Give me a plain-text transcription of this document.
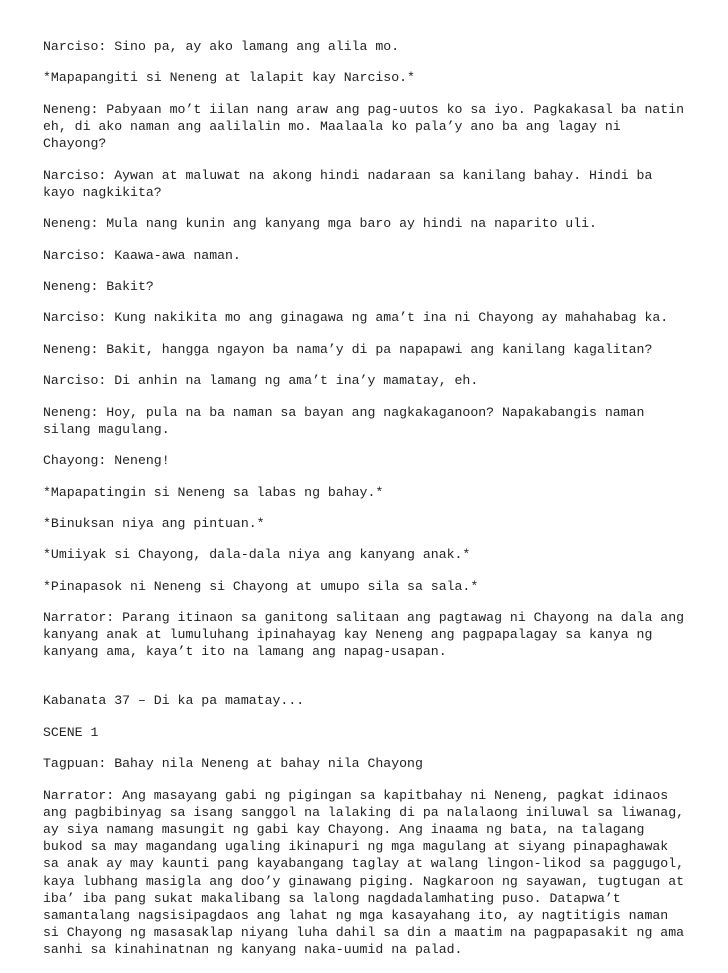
Narciso: Sino pa, ay ako lamang ang alila mo.
*Mapapangiti si Neneng at lalapit kay Narciso.*
Neneng: Pabyaan mo’t iilan nang araw ang pag-uutos ko sa iyo. Pagkakasal ba natin
eh, di ako naman ang aalilalin mo. Maalaala ko pala’y ano ba ang lagay ni
Chayong?
Narciso: Aywan at maluwat na akong hindi nadaraan sa kanilang bahay. Hindi ba
kayo nagkikita?
Neneng: Mula nang kunin ang kanyang mga baro ay hindi na naparito uli.
Narciso: Kaawa-awa naman.
Neneng: Bakit?
Narciso: Kung nakikita mo ang ginagawa ng ama’t ina ni Chayong ay mahahabag ka.
Neneng: Bakit, hangga ngayon ba nama’y di pa napapawi ang kanilang kagalitan?
Narciso: Di anhin na lamang ng ama’t ina’y mamatay, eh.
Neneng: Hoy, pula na ba naman sa bayan ang nagkakaganoon? Napakabangis naman
silang magulang.
Chayong: Neneng!
*Mapapatingin si Neneng sa labas ng bahay.*
*Binuksan niya ang pintuan.*
*Umiiyak si Chayong, dala-dala niya ang kanyang anak.*
*Pinapasok ni Neneng si Chayong at umupo sila sa sala.*
Narrator: Parang itinaon sa ganitong salitaan ang pagtawag ni Chayong na dala ang
kanyang anak at lumuluhang ipinahayag kay Neneng ang pagpapalagay sa kanya ng
kanyang ama, kaya’t ito na lamang ang napag-usapan.
Kabanata 37 – Di ka pa mamatay...
SCENE 1
Tagpuan: Bahay nila Neneng at bahay nila Chayong
Narrator: Ang masayang gabi ng pigingan sa kapitbahay ni Neneng, pagkat idinaos
ang pagbibinyag sa isang sanggol na lalaking di pa nalalaong iniluwal sa liwanag,
ay siya namang masungit ng gabi kay Chayong. Ang inaama ng bata, na talagang
bukod sa may magandang ugaling ikinapuri ng mga magulang at siyang pinapaghawak
sa anak ay may kaunti pang kayabangang taglay at walang lingon-likod sa paggugol,
kaya lubhang masigla ang doo’y ginawang piging. Nagkaroon ng sayawan, tugtugan at
iba’ iba pang sukat makalibang sa lalong nagdadalamhating puso. Datapwa’t
samantalang nagsisipagdaos ang lahat ng mga kasayahang ito, ay nagtitigis naman
si Chayong ng masasaklap niyang luha dahil sa din a maatim na pagpapasakit ng ama
sanhi sa kinahinatnan ng kanyang naka-uumid na palad.
